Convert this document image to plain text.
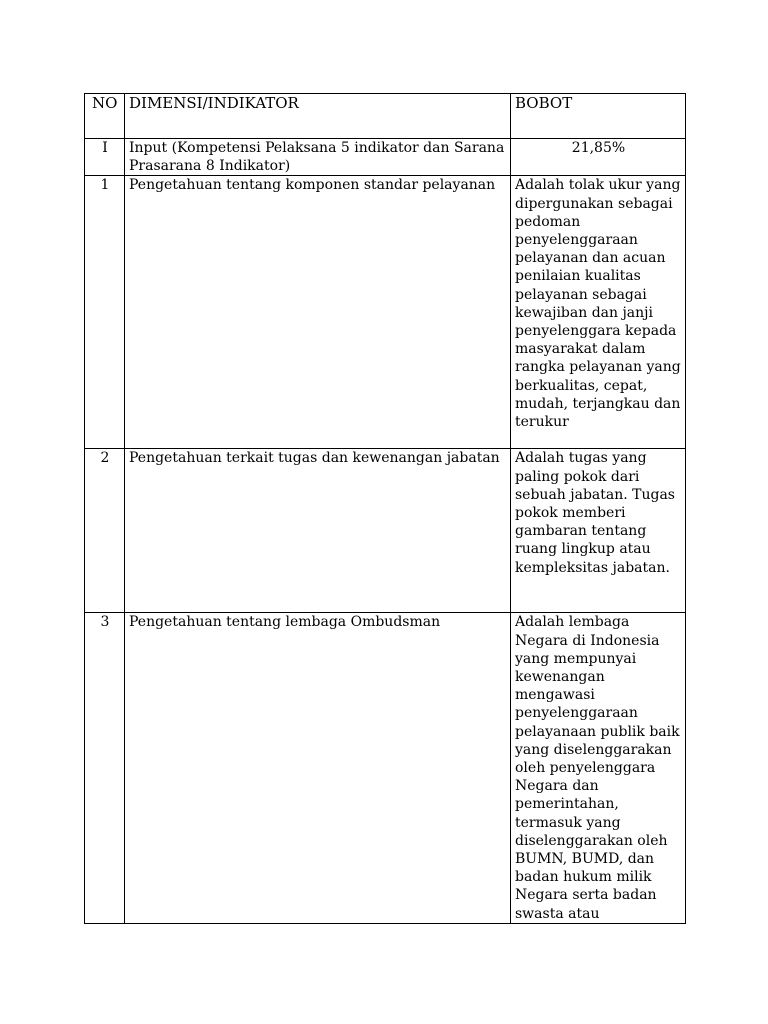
NO	DIMENSI/INDIKATOR	BOBOT
I	Input (Kompetensi Pelaksana 5 indikator dan Sarana Prasarana 8 Indikator)	21,85%
1	Pengetahuan tentang komponen standar pelayanan	Adalah tolak ukur yang dipergunakan sebagai pedoman penyelenggaraan pelayanan dan acuan penilaian kualitas pelayanan sebagai kewajiban dan janji penyelenggara kepada masyarakat dalam rangka pelayanan yang berkualitas, cepat, mudah, terjangkau dan terukur
2	Pengetahuan terkait tugas dan kewenangan jabatan	Adalah tugas yang paling pokok dari sebuah jabatan. Tugas pokok memberi gambaran tentang ruang lingkup atau kempleksitas jabatan.
3	Pengetahuan tentang lembaga Ombudsman	Adalah lembaga Negara di Indonesia yang mempunyai kewenangan mengawasi penyelenggaraan pelayanaan publik baik yang diselenggarakan oleh penyelenggara Negara dan pemerintahan, termasuk yang diselenggarakan oleh BUMN, BUMD, dan badan hukum milik Negara serta badan swasta atau
